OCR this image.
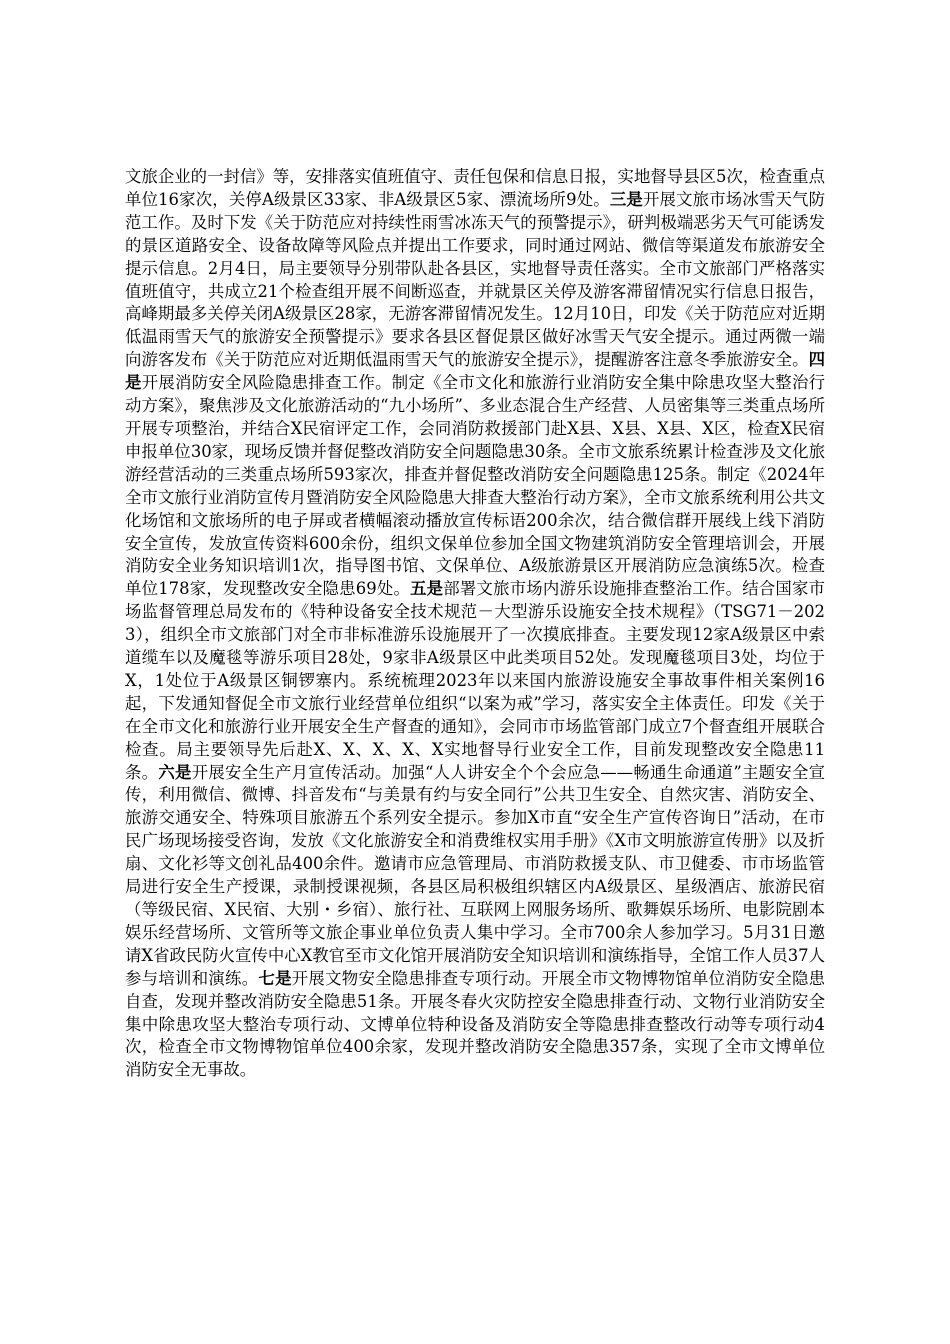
文旅企业的一封信》等，安排落实值班值守、责任包保和信息日报，实地督导县区5次，检查重点单位16家次，关停A级景区33家、非A级景区5家、漂流场所9处。三是开展文旅市场冰雪天气防范工作。及时下发《关于防范应对持续性雨雪冰冻天气的预警提示》，研判极端恶劣天气可能诱发的景区道路安全、设备故障等风险点并提出工作要求，同时通过网站、微信等渠道发布旅游安全提示信息。2月4日，局主要领导分别带队赴各县区，实地督导责任落实。全市文旅部门严格落实值班值守，共成立21个检查组开展不间断巡查，并就景区关停及游客滞留情况实行信息日报告，高峰期最多关停关闭A级景区28家，无游客滞留情况发生。12月10日，印发《关于防范应对近期低温雨雪天气的旅游安全预警提示》要求各县区督促景区做好冰雪天气安全提示。通过两微一端向游客发布《关于防范应对近期低温雨雪天气的旅游安全提示》，提醒游客注意冬季旅游安全。四是开展消防安全风险隐患排查工作。制定《全市文化和旅游行业消防安全集中除患攻坚大整治行动方案》，聚焦涉及文化旅游活动的“九小场所”、多业态混合生产经营、人员密集等三类重点场所开展专项整治，并结合X民宿评定工作，会同消防救援部门赴X县、X县、X县、X区，检查X民宿申报单位30家，现场反馈并督促整改消防安全问题隐患30条。全市文旅系统累计检查涉及文化旅游经营活动的三类重点场所593家次，排查并督促整改消防安全问题隐患125条。制定《2024年全市文旅行业消防宣传月暨消防安全风险隐患大排查大整治行动方案》，全市文旅系统利用公共文化场馆和文旅场所的电子屏或者横幅滚动播放宣传标语200余次，结合微信群开展线上线下消防安全宣传，发放宣传资料600余份，组织文保单位参加全国文物建筑消防安全管理培训会，开展消防安全业务知识培训1次，指导图书馆、文保单位、A级旅游景区开展消防应急演练5次。检查单位178家，发现整改安全隐患69处。五是部署文旅市场内游乐设施排查整治工作。结合国家市场监督管理总局发布的《特种设备安全技术规范－大型游乐设施安全技术规程》（TSG71－2023），组织全市文旅部门对全市非标准游乐设施展开了一次摸底排查。主要发现12家A级景区中索道缆车以及魔毯等游乐项目28处，9家非A级景区中此类项目52处。发现魔毯项目3处，均位于X，1处位于A级景区铜锣寨内。系统梳理2023年以来国内旅游设施安全事故事件相关案例16起，下发通知督促全市文旅行业经营单位组织“以案为戒”学习，落实安全主体责任。印发《关于在全市文化和旅游行业开展安全生产督查的通知》，会同市市场监管部门成立7个督查组开展联合检查。局主要领导先后赴X、X、X、X、X实地督导行业安全工作，目前发现整改安全隐患11条。六是开展安全生产月宣传活动。加强“人人讲安全个个会应急——畅通生命通道”主题安全宣传，利用微信、微博、抖音发布“与美景有约与安全同行”公共卫生安全、自然灾害、消防安全、旅游交通安全、特殊项目旅游五个系列安全提示。参加X市直“安全生产宣传咨询日”活动，在市民广场现场接受咨询，发放《文化旅游安全和消费维权实用手册》《X市文明旅游宣传册》以及折扇、文化衫等文创礼品400余件。邀请市应急管理局、市消防救援支队、市卫健委、市市场监管局进行安全生产授课，录制授课视频，各县区局积极组织辖区内A级景区、星级酒店、旅游民宿（等级民宿、X民宿、大别・乡宿）、旅行社、互联网上网服务场所、歌舞娱乐场所、电影院剧本娱乐经营场所、文管所等文旅企事业单位负责人集中学习。全市700余人参加学习。5月31日邀请X省政民防火宣传中心X教官至市文化馆开展消防安全知识培训和演练指导，全馆工作人员37人参与培训和演练。七是开展文物安全隐患排查专项行动。开展全市文物博物馆单位消防安全隐患自查，发现并整改消防安全隐患51条。开展冬春火灾防控安全隐患排查行动、文物行业消防安全集中除患攻坚大整治专项行动、文博单位特种设备及消防安全等隐患排查整改行动等专项行动4次，检查全市文物博物馆单位400余家，发现并整改消防安全隐患357条，实现了全市文博单位消防安全无事故。
